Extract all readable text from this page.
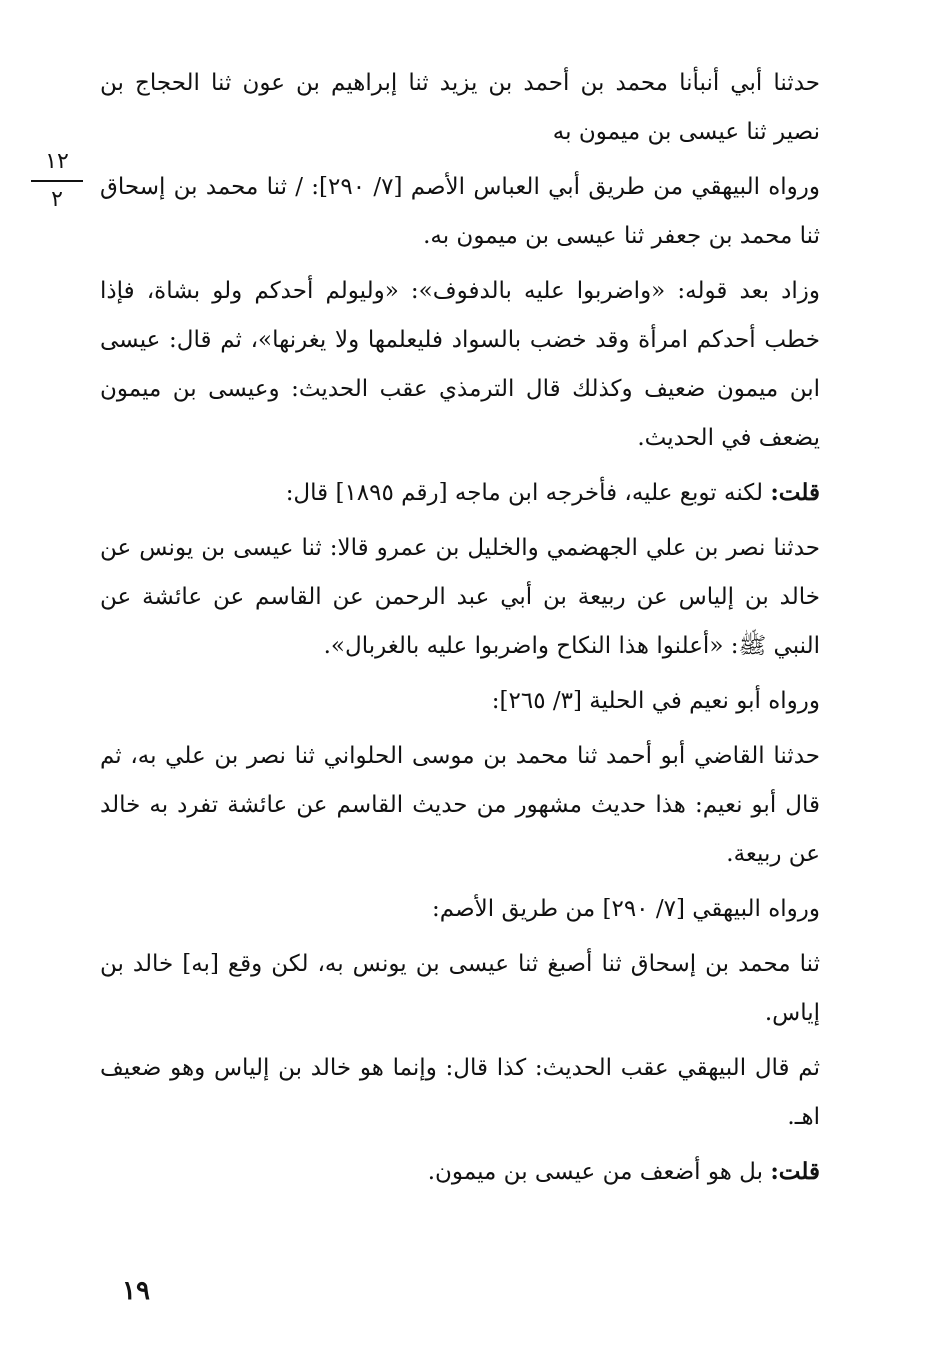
١٢
٢

حدثنا أبي أنبأنا محمد بن أحمد بن يزيد ثنا إبراهيم بن عون ثنا الحجاج بن نصير ثنا عيسى بن ميمون به

ورواه البيهقي من طريق أبي العباس الأصم [٧/ ٢٩٠]: / ثنا محمد بن إسحاق ثنا محمد بن جعفر ثنا عيسى بن ميمون به.

وزاد بعد قوله: «واضربوا عليه بالدفوف»: «وليولم أحدكم ولو بشاة، فإذا خطب أحدكم امرأة وقد خضب بالسواد فليعلمها ولا يغرنها»، ثم قال: عيسى ابن ميمون ضعيف وكذلك قال الترمذي عقب الحديث: وعيسى بن ميمون يضعف في الحديث.

قلت: لكنه توبع عليه، فأخرجه ابن ماجه [رقم ١٨٩٥] قال:

حدثنا نصر بن علي الجهضمي والخليل بن عمرو قالا: ثنا عيسى بن يونس عن خالد بن إلياس عن ربيعة بن أبي عبد الرحمن عن القاسم عن عائشة عن النبي ﷺ: «أعلنوا هذا النكاح واضربوا عليه بالغربال».

ورواه أبو نعيم في الحلية [٣/ ٢٦٥]:

حدثنا القاضي أبو أحمد ثنا محمد بن موسى الحلواني ثنا نصر بن علي به، ثم قال أبو نعيم: هذا حديث مشهور من حديث القاسم عن عائشة تفرد به خالد عن ربيعة.

ورواه البيهقي [٧/ ٢٩٠] من طريق الأصم:

ثنا محمد بن إسحاق ثنا أصبغ ثنا عيسى بن يونس به، لكن وقع [به] خالد بن إياس.

ثم قال البيهقي عقب الحديث: كذا قال: وإنما هو خالد بن إلياس وهو ضعيف اهـ.

قلت: بل هو أضعف من عيسى بن ميمون.

١٩
